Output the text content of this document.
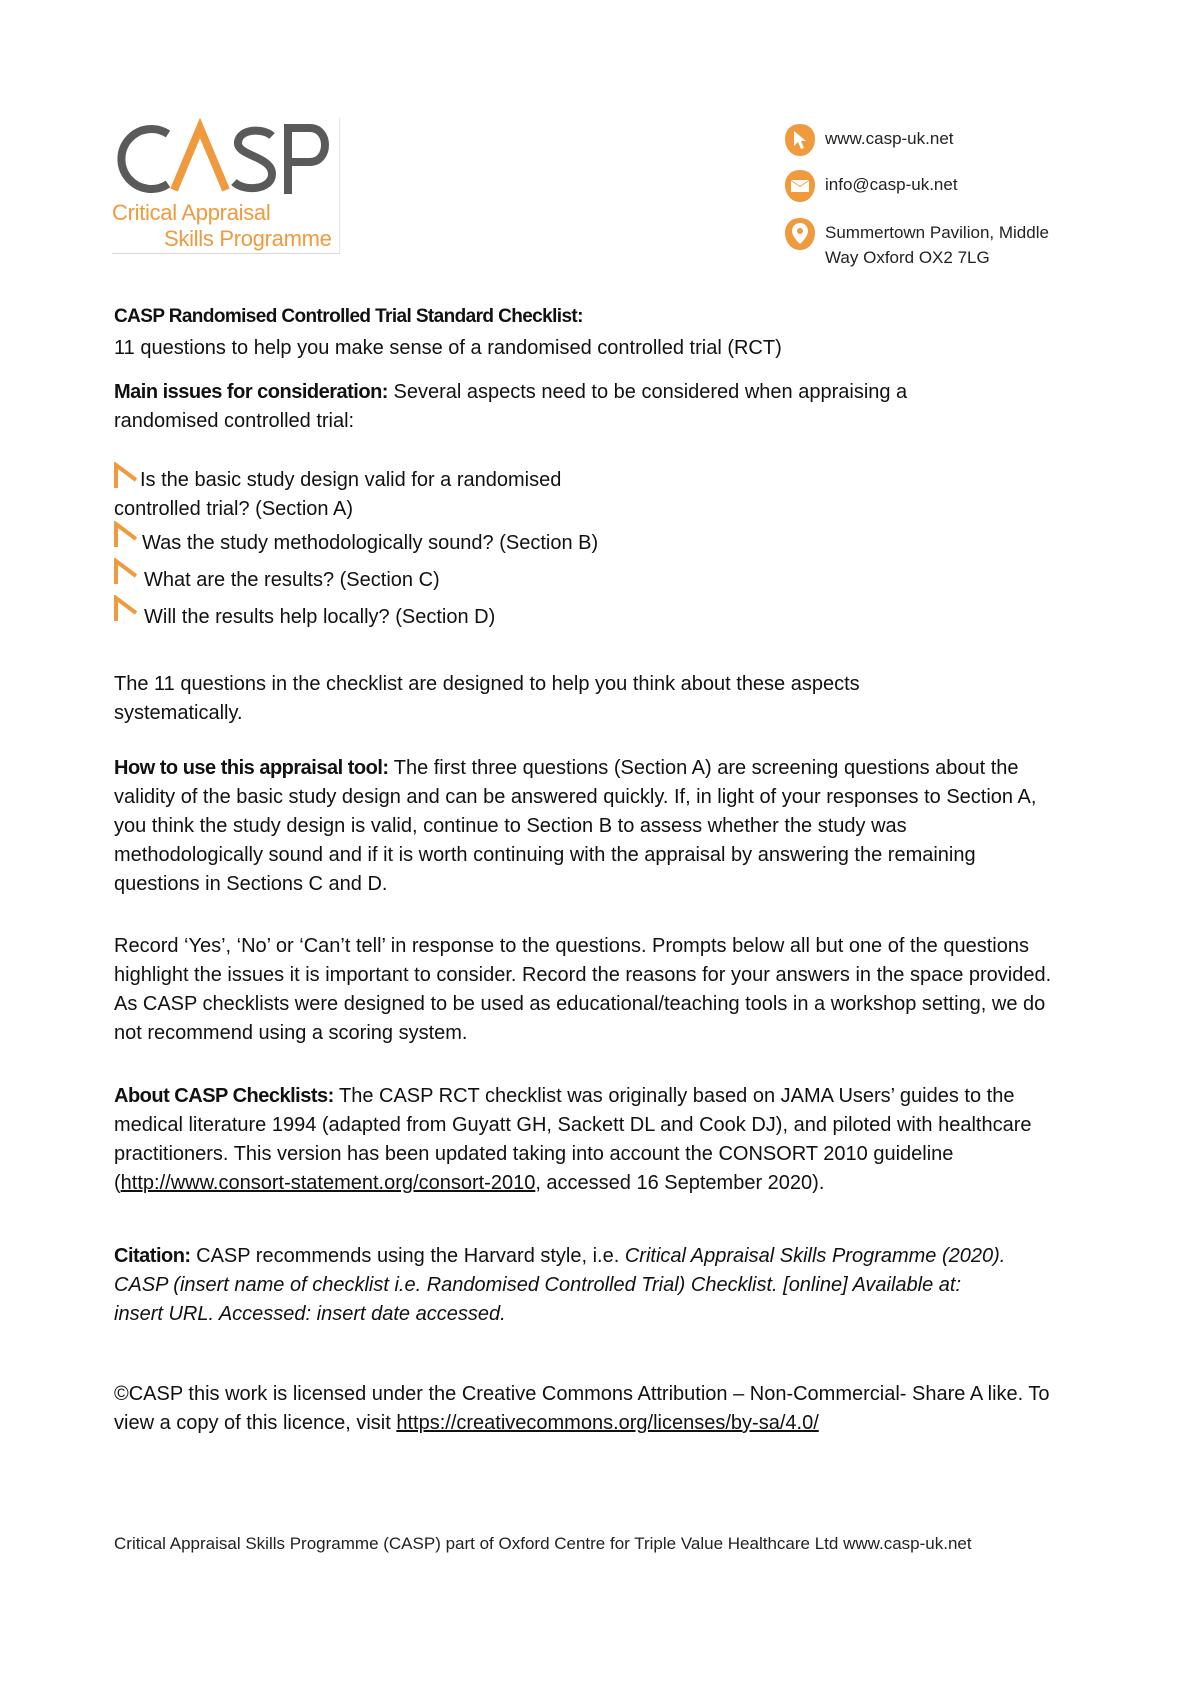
Critical Appraisal
Skills Programme
www.casp-uk.net
info@casp-uk.net
Summertown Pavilion, Middle
Way Oxford OX2 7LG
CASP Randomised Controlled Trial Standard Checklist:
11 questions to help you make sense of a randomised controlled trial (RCT)

Main issues for consideration: Several aspects need to be considered when appraising a randomised controlled trial:

Is the basic study design valid for a randomised
controlled trial? (Section A)
Was the study methodologically sound? (Section B)
What are the results? (Section C)
Will the results help locally? (Section D)

The 11 questions in the checklist are designed to help you think about these aspects systematically.

How to use this appraisal tool: The first three questions (Section A) are screening questions about the validity of the basic study design and can be answered quickly. If, in light of your responses to Section A, you think the study design is valid, continue to Section B to assess whether the study was methodologically sound and if it is worth continuing with the appraisal by answering the remaining questions in Sections C and D.

Record ‘Yes’, ‘No’ or ‘Can’t tell’ in response to the questions. Prompts below all but one of the questions highlight the issues it is important to consider. Record the reasons for your answers in the space provided. As CASP checklists were designed to be used as educational/teaching tools in a workshop setting, we do not recommend using a scoring system.

About CASP Checklists: The CASP RCT checklist was originally based on JAMA Users’ guides to the medical literature 1994 (adapted from Guyatt GH, Sackett DL and Cook DJ), and piloted with healthcare practitioners. This version has been updated taking into account the CONSORT 2010 guideline (http://www.consort-statement.org/consort-2010, accessed 16 September 2020).

Citation: CASP recommends using the Harvard style, i.e. Critical Appraisal Skills Programme (2020). CASP (insert name of checklist i.e. Randomised Controlled Trial) Checklist. [online] Available at: insert URL. Accessed: insert date accessed.

©CASP this work is licensed under the Creative Commons Attribution – Non-Commercial- Share A like. To view a copy of this licence, visit https://creativecommons.org/licenses/by-sa/4.0/

Critical Appraisal Skills Programme (CASP) part of Oxford Centre for Triple Value Healthcare Ltd www.casp-uk.net
